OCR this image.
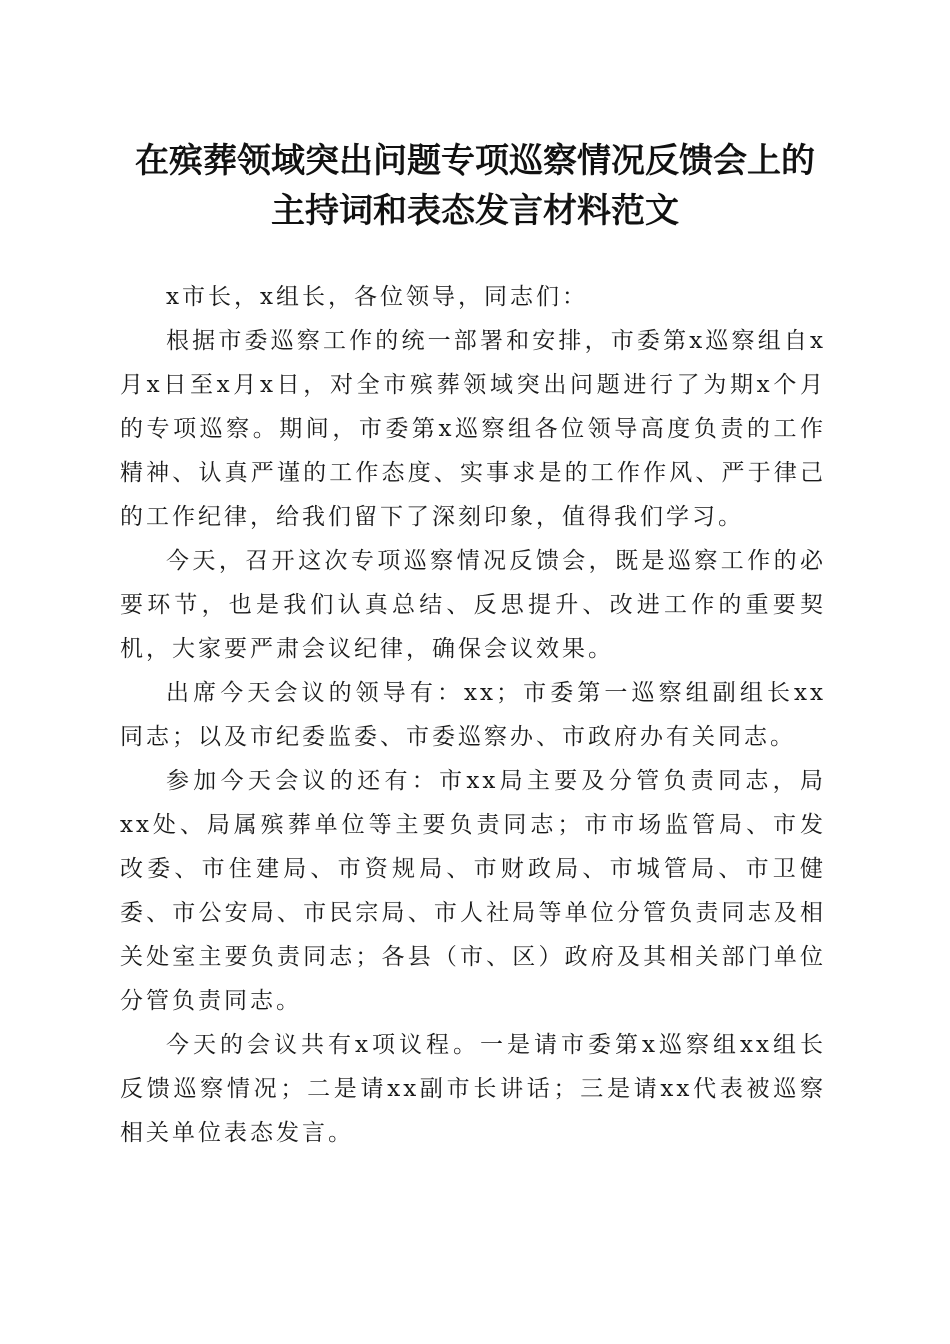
在殡葬领域突出问题专项巡察情况反馈会上的
主持词和表态发言材料范文

x市长，x组长，各位领导，同志们：

根据市委巡察工作的统一部署和安排，市委第x巡察组自x月x日至x月x日，对全市殡葬领域突出问题进行了为期x个月的专项巡察。期间，市委第x巡察组各位领导高度负责的工作精神、认真严谨的工作态度、实事求是的工作作风、严于律己的工作纪律，给我们留下了深刻印象，值得我们学习。

今天，召开这次专项巡察情况反馈会，既是巡察工作的必要环节，也是我们认真总结、反思提升、改进工作的重要契机，大家要严肃会议纪律，确保会议效果。

出席今天会议的领导有：xx；市委第一巡察组副组长xx同志；以及市纪委监委、市委巡察办、市政府办有关同志。

参加今天会议的还有：市xx局主要及分管负责同志，局xx处、局属殡葬单位等主要负责同志；市市场监管局、市发改委、市住建局、市资规局、市财政局、市城管局、市卫健委、市公安局、市民宗局、市人社局等单位分管负责同志及相关处室主要负责同志；各县（市、区）政府及其相关部门单位分管负责同志。

今天的会议共有x项议程。一是请市委第x巡察组xx组长反馈巡察情况；二是请xx副市长讲话；三是请xx代表被巡察相关单位表态发言。
